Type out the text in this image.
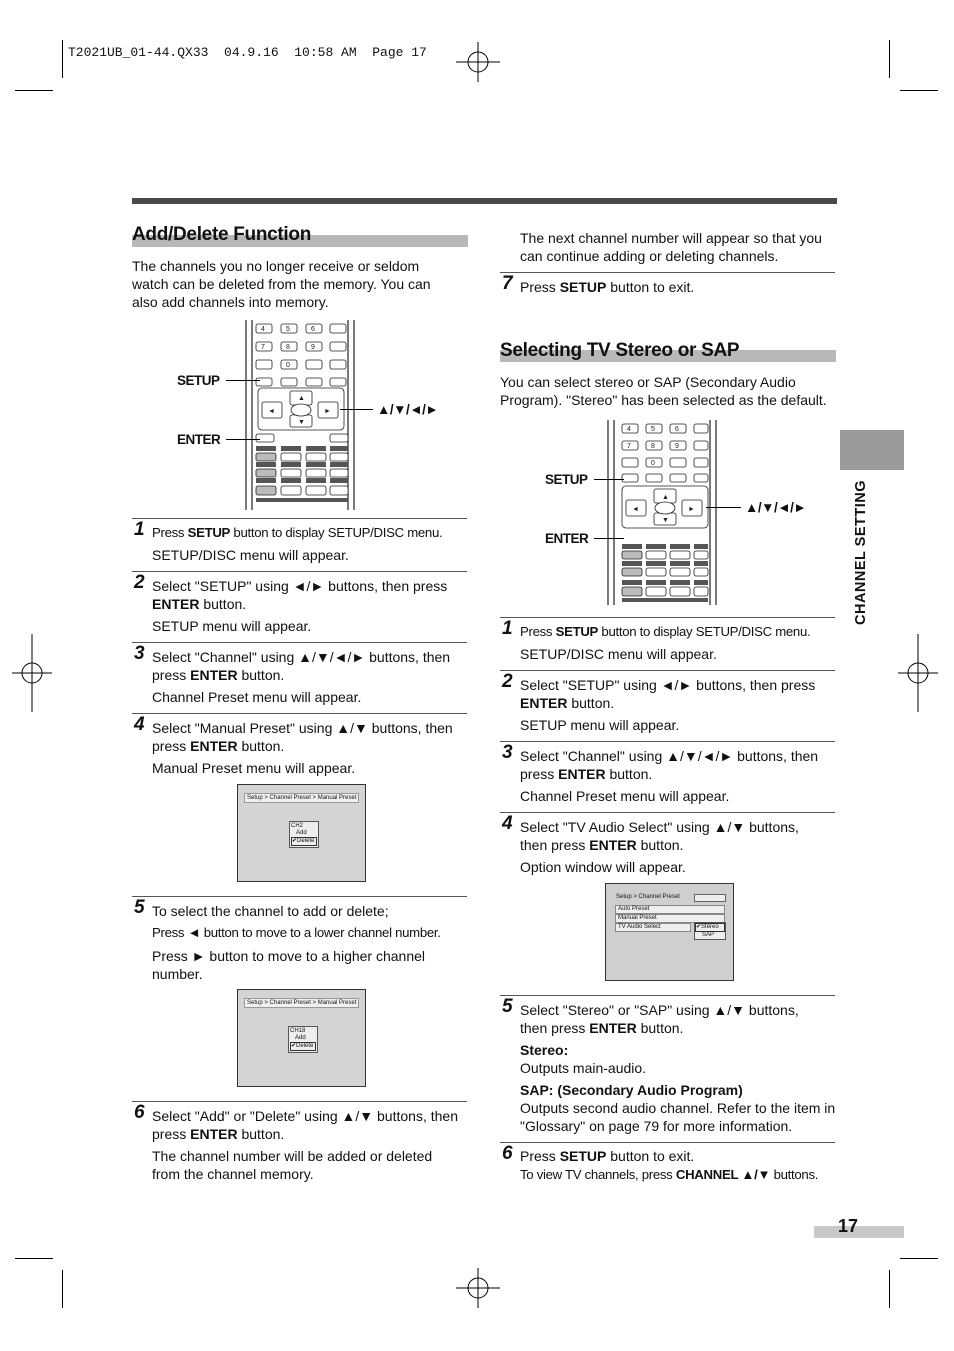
T2021UB_01-44.QX33  04.9.16  10:58 AM  Page 17
CHANNEL SETTING
Add/Delete Function
The channels you no longer receive or seldom watch can be deleted from the memory. You can also add channels into memory.
4	5	6
7	8	9
0
▲
▼
◄	►
SETUP
ENTER
▲/▼/◄/►
1 Press SETUP button to display SETUP/DISC menu.
SETUP/DISC menu will appear.
2 Select "SETUP" using ◄/► buttons, then press ENTER button.
SETUP menu will appear.
3 Select "Channel" using ▲/▼/◄/► buttons, then press ENTER button.
Channel Preset menu will appear.
4 Select "Manual Preset" using ▲/▼ buttons, then press ENTER button.
Manual Preset menu will appear.
Setup > Channel Preset > Manual Preset
CH2
Add
✔Delete
5 To select the channel to add or delete;
Press ◄ button to move to a lower channel number.
Press ► button to move to a higher channel number.
Setup > Channel Preset > Manual Preset
CH18
Add
✔Delete
6 Select "Add" or "Delete" using ▲/▼ buttons, then press ENTER button.
The channel number will be added or deleted from the channel memory.
The next channel number will appear so that you can continue adding or deleting channels.
7 Press SETUP button to exit.
Selecting TV Stereo or SAP
You can select stereo or SAP (Secondary Audio Program). "Stereo" has been selected as the default.
4	5	6
7	8	9
0
▲
▼
◄	►
SETUP
ENTER
▲/▼/◄/►
1 Press SETUP button to display SETUP/DISC menu.
SETUP/DISC menu will appear.
2 Select "SETUP" using ◄/► buttons, then press ENTER button.
SETUP menu will appear.
3 Select "Channel" using ▲/▼/◄/► buttons, then press ENTER button.
Channel Preset menu will appear.
4 Select "TV Audio Select" using ▲/▼ buttons, then press ENTER button.
Option window will appear.
Setup > Channel Preset
Auto Preset
Manual Preset
TV Audio Select	✔Stereo
SAP
5 Select "Stereo" or "SAP" using ▲/▼ buttons, then press ENTER button.
Stereo:
Outputs main-audio.
SAP: (Secondary Audio Program)
Outputs second audio channel. Refer to the item in "Glossary" on page 79 for more information.
6 Press SETUP button to exit.
To view TV channels, press CHANNEL ▲/▼ buttons.
17
